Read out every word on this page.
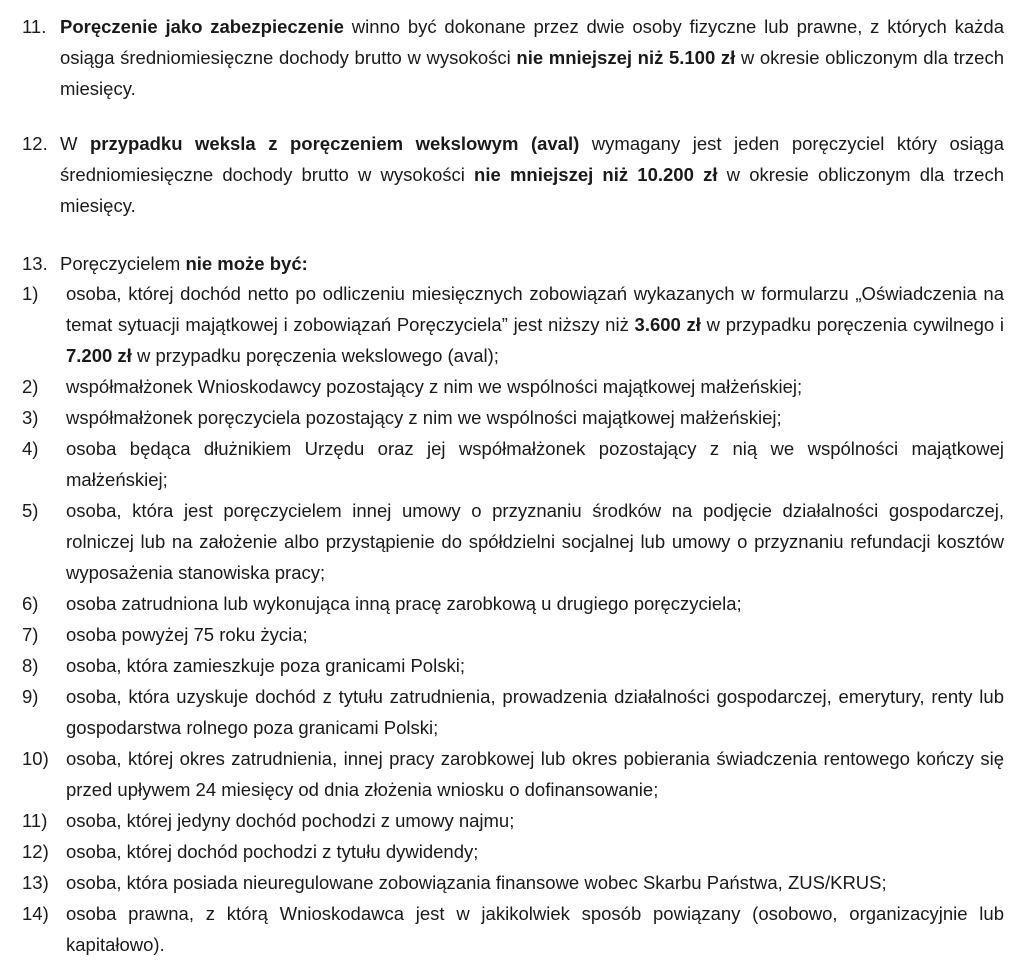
11. Poręczenie jako zabezpieczenie winno być dokonane przez dwie osoby fizyczne lub prawne, z których każda osiąga średniomiesięczne dochody brutto w wysokości nie mniejszej niż 5.100 zł w okresie obliczonym dla trzech miesięcy.
12. W przypadku weksla z poręczeniem wekslowym (aval) wymagany jest jeden poręczyciel który osiąga średniomiesięczne dochody brutto w wysokości nie mniejszej niż 10.200 zł w okresie obliczonym dla trzech miesięcy.
13. Poręczycielem nie może być:
1)	osoba, której dochód netto po odliczeniu miesięcznych zobowiązań wykazanych w formularzu „Oświadczenia na temat sytuacji majątkowej i zobowiązań Poręczyciela” jest niższy niż 3.600 zł w przypadku poręczenia cywilnego i 7.200 zł w przypadku poręczenia wekslowego (aval);
2)	współmałżonek Wnioskodawcy pozostający z nim we wspólności majątkowej małżeńskiej;
3)	współmałżonek poręczyciela pozostający z nim we wspólności majątkowej małżeńskiej;
4)	osoba będąca dłużnikiem Urzędu oraz jej współmałżonek pozostający z nią we wspólności majątkowej małżeńskiej;
5)	osoba, która jest poręczycielem innej umowy o przyznaniu środków na podjęcie działalności gospodarczej, rolniczej lub na założenie albo przystąpienie do spółdzielni socjalnej lub umowy o przyznaniu refundacji kosztów wyposażenia stanowiska pracy;
6)	osoba zatrudniona lub wykonująca inną pracę zarobkową u drugiego poręczyciela;
7)	osoba powyżej 75 roku życia;
8)	osoba, która zamieszkuje poza granicami Polski;
9)	osoba, która uzyskuje dochód z tytułu zatrudnienia, prowadzenia działalności gospodarczej, emerytury, renty lub gospodarstwa rolnego poza granicami Polski;
10) osoba, której okres zatrudnienia, innej pracy zarobkowej lub okres pobierania świadczenia rentowego kończy się przed upływem 24 miesięcy od dnia złożenia wniosku o dofinansowanie;
11)	osoba, której jedyny dochód pochodzi z umowy najmu;
12) osoba, której dochód pochodzi z tytułu dywidendy;
13) osoba, która posiada nieuregulowane zobowiązania finansowe wobec Skarbu Państwa, ZUS/KRUS;
14) osoba prawna, z którą Wnioskodawca jest w jakikolwiek sposób powiązany (osobowo, organizacyjnie lub kapitałowo).
